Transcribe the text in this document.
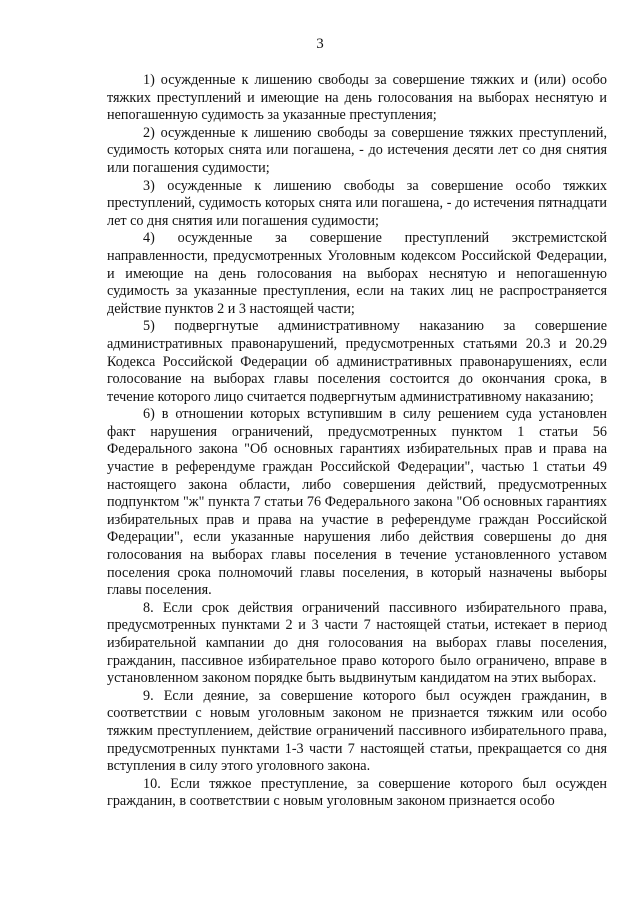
3

1) осужденные к лишению свободы за совершение тяжких и (или) особо тяжких преступлений и имеющие на день голосования на выборах неснятую и непогашенную судимость за указанные преступления;

2) осужденные к лишению свободы за совершение тяжких преступлений, судимость которых снята или погашена, - до истечения десяти лет со дня снятия или погашения судимости;

3) осужденные к лишению свободы за совершение особо тяжких преступлений, судимость которых снята или погашена, - до истечения пятнадцати лет со дня снятия или погашения судимости;

4) осужденные за совершение преступлений экстремистской направленности, предусмотренных Уголовным кодексом Российской Федерации, и имеющие на день голосования на выборах неснятую и непогашенную судимость за указанные преступления, если на таких лиц не распространяется действие пунктов 2 и 3 настоящей части;

5) подвергнутые административному наказанию за совершение административных правонарушений, предусмотренных статьями 20.3 и 20.29 Кодекса Российской Федерации об административных правонарушениях, если голосование на выборах главы поселения состоится до окончания срока, в течение которого лицо считается подвергнутым административному наказанию;

6) в отношении которых вступившим в силу решением суда установлен факт нарушения ограничений, предусмотренных пунктом 1 статьи 56 Федерального закона "Об основных гарантиях избирательных прав и права на участие в референдуме граждан Российской Федерации", частью 1 статьи 49 настоящего закона области, либо совершения действий, предусмотренных подпунктом "ж" пункта 7 статьи 76 Федерального закона "Об основных гарантиях избирательных прав и права на участие в референдуме граждан Российской Федерации", если указанные нарушения либо действия совершены до дня голосования на выборах главы поселения в течение установленного уставом поселения срока полномочий главы поселения, в который назначены выборы главы поселения.

8. Если срок действия ограничений пассивного избирательного права, предусмотренных пунктами 2 и 3 части 7 настоящей статьи, истекает в период избирательной кампании до дня голосования на выборах главы поселения, гражданин, пассивное избирательное право которого было ограничено, вправе в установленном законом порядке быть выдвинутым кандидатом на этих выборах.

9. Если деяние, за совершение которого был осужден гражданин, в соответствии с новым уголовным законом не признается тяжким или особо тяжким преступлением, действие ограничений пассивного избирательного права, предусмотренных пунктами 1-3 части 7 настоящей статьи, прекращается со дня вступления в силу этого уголовного закона.

10. Если тяжкое преступление, за совершение которого был осужден гражданин, в соответствии с новым уголовным законом признается особо
